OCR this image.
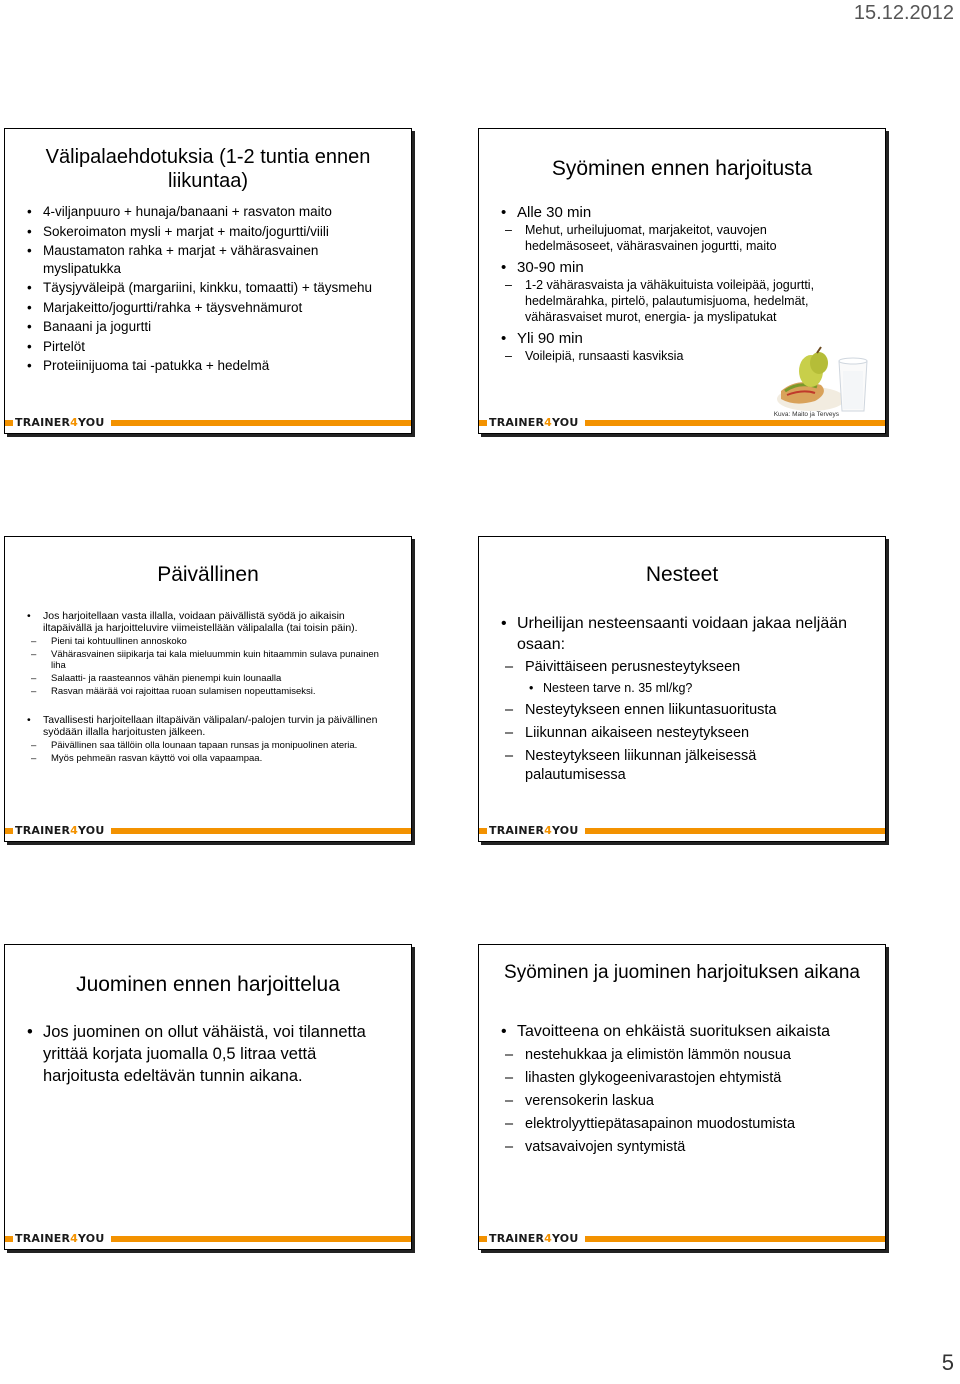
15.12.2012
Välipalaehdotuksia (1-2 tuntia ennen liikuntaa)
• 4-viljanpuuro + hunaja/banaani + rasvaton maito
• Sokeroimaton mysli + marjat + maito/jogurtti/viili
• Maustamaton rahka + marjat + vähärasvainen myslipatukka
• Täysjyväleipä (margariini, kinkku, tomaatti) + täysmehu
• Marjakeitto/jogurtti/rahka + täysvehnämurot
• Banaani ja jogurtti
• Pirtelöt
• Proteiinijuoma tai -patukka + hedelmä
TRAINER4YOU
Syöminen ennen harjoitusta
• Alle 30 min
– Mehut, urheilujuomat, marjakeitot, vauvojen hedelmäsoseet, vähärasvainen jogurtti, maito
• 30-90 min
– 1-2 vähärasvaista ja vähäkuituista voileipää, jogurtti, hedelmärahka, pirtelö, palautumisjuoma, hedelmät, vähärasvaiset murot, energia- ja myslipatukat
• Yli 90 min
– Voileipiä, runsaasti kasviksia
Kuva: Maito ja Terveys
TRAINER4YOU
Päivällinen
• Jos harjoitellaan vasta illalla, voidaan päivällistä syödä jo aikaisin iltapäivällä ja harjoitteluvire viimeistellään välipalalla (tai toisin päin).
– Pieni tai kohtuullinen annoskoko
– Vähärasvainen siipikarja tai kala mieluummin kuin hitaammin sulava punainen liha
– Salaatti- ja raasteannos vähän pienempi kuin lounaalla
– Rasvan määrää voi rajoittaa ruoan sulamisen nopeuttamiseksi.
• Tavallisesti harjoitellaan iltapäivän välipalan/-palojen turvin ja päivällinen syödään illalla harjoitusten jälkeen.
– Päivällinen saa tällöin olla lounaan tapaan runsas ja monipuolinen ateria.
– Myös pehmeän rasvan käyttö voi olla vapaampaa.
TRAINER4YOU
Nesteet
• Urheilijan nesteensaanti voidaan jakaa neljään osaan:
– Päivittäiseen perusnesteytykseen
• Nesteen tarve n. 35 ml/kg?
– Nesteytykseen ennen liikuntasuoritusta
– Liikunnan aikaiseen nesteytykseen
– Nesteytykseen liikunnan jälkeisessä palautumisessa
TRAINER4YOU
Juominen ennen harjoittelua
• Jos juominen on ollut vähäistä, voi tilannetta yrittää korjata juomalla 0,5 litraa vettä harjoitusta edeltävän tunnin aikana.
TRAINER4YOU
Syöminen ja juominen harjoituksen aikana
• Tavoitteena on ehkäistä suorituksen aikaista
– nestehukkaa ja elimistön lämmön nousua
– lihasten glykogeenivarastojen ehtymistä
– verensokerin laskua
– elektrolyyttiepätasapainon muodostumista
– vatsavaivojen syntymistä
TRAINER4YOU
5
